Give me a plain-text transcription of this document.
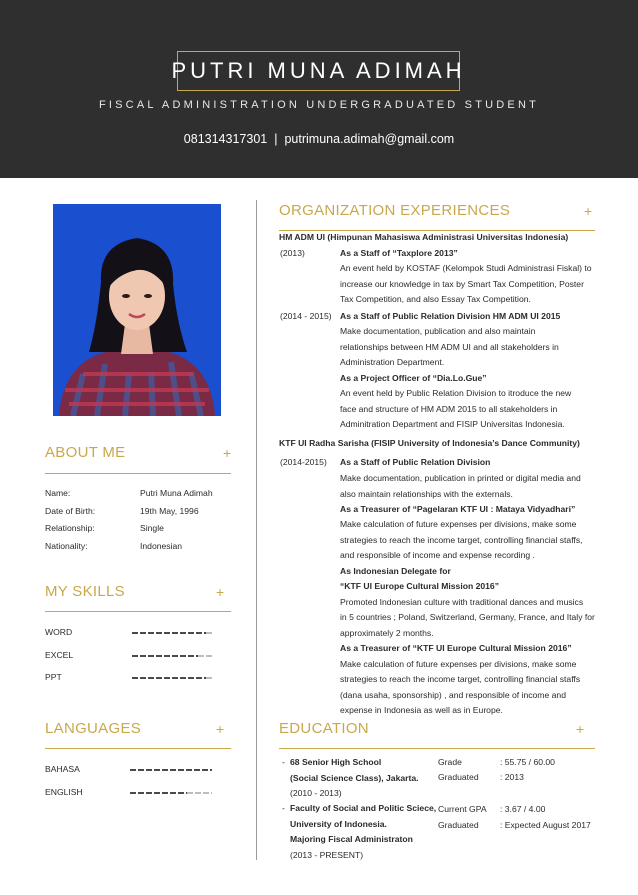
PUTRI MUNA ADIMAH
FISCAL ADMINISTRATION UNDERGRADUATED STUDENT
081314317301 | putrimuna.adimah@gmail.com
ABOUT ME	+
Name:	Putri Muna Adimah
Date of Birth:	19th May, 1996
Relationship:	Single
Nationality:	Indonesian
MY SKILLS	+
WORD
EXCEL
PPT
LANGUAGES	+
BAHASA
ENGLISH
ORGANIZATION EXPERIENCES	+
HM ADM UI (Himpunan Mahasiswa Administrasi Universitas Indonesia)
(2013)	As a Staff of “Taxplore 2013”
An event held by KOSTAF (Kelompok Studi Administrasi Fiskal) to
increase our knowledge in tax by Smart Tax Competition, Poster
Tax Competition, and also Essay Tax Competition.
(2014 - 2015) As a Staff of Public Relation Division HM ADM UI 2015
Make documentation, publication and also maintain
relationships between HM ADM UI and all stakeholders in
Administration Department.
As a Project Officer of “Dia.Lo.Gue”
An event held by Public Relation Division to itroduce the new
face and structure of HM ADM 2015 to all stakeholders in
Adminitration Department and FISIP Universitas Indonesia.
KTF UI Radha Sarisha (FISIP University of Indonesia’s Dance Community)
(2014-2015) As a Staff of Public Relation Division
Make documentation, publication in printed or digital media and
also maintain relationships with the externals.
As a Treasurer of “Pagelaran KTF UI : Mataya Vidyadhari”
Make calculation of future expenses per divisions, make some
strategies to reach the income target, controlling financial staffs,
and responsible of income and expense recording .
As Indonesian Delegate for
“KTF UI Europe Cultural Mission 2016”
Promoted Indonesian culture with traditional dances and musics
in 5 countries ; Poland, Switzerland, Germany, France, and Italy for
approximately 2 months.
As a Treasurer of “KTF UI Europe Cultural Mission 2016”
Make calculation of future expenses per divisions, make some
strategies to reach the income target, controlling financial staffs
(dana usaha, sponsorship) , and responsible of income and
expense in Indonesia as well as in Europe.
EDUCATION	+
- 68 Senior High School
(Social Science Class), Jakarta.
(2010 - 2013)
Grade	: 55.75 / 60.00
Graduated : 2013
- Faculty of Social and Politic Sciece,
University of Indonesia.
Majoring Fiscal Administraton
(2013 - PRESENT)
Current GPA : 3.67 / 4.00
Graduated : Expected August 2017
